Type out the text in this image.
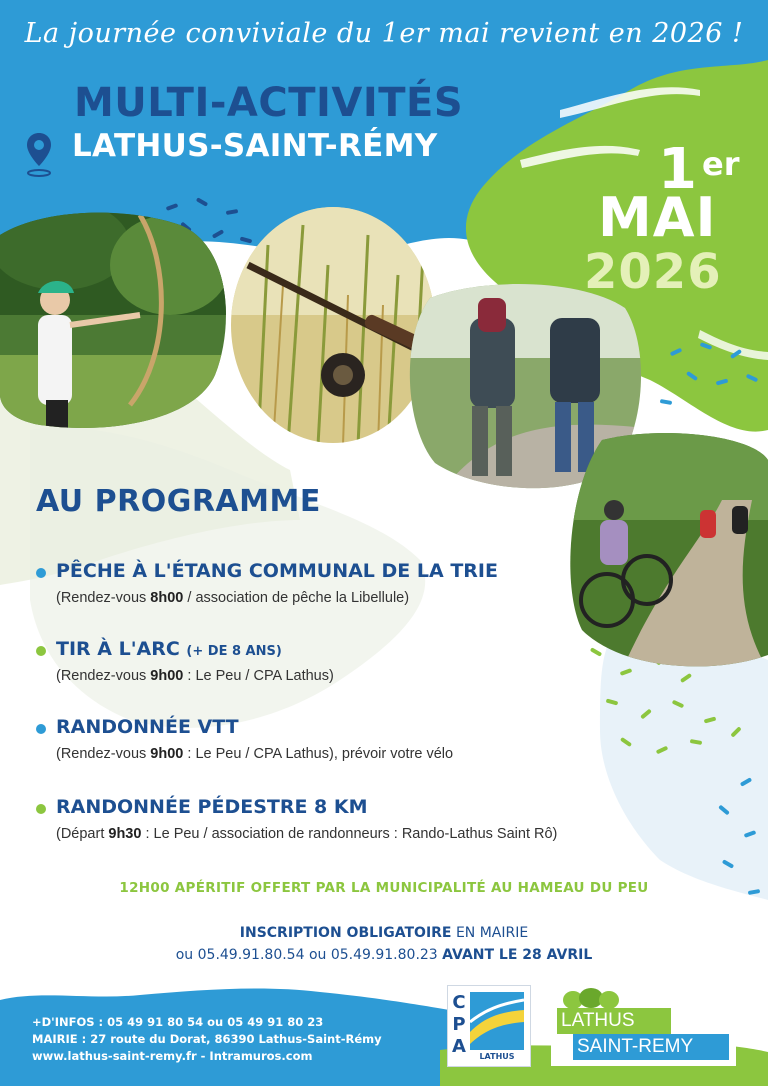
La journée conviviale du 1er mai revient en 2026 !
MULTI-ACTIVITÉS
LATHUS-SAINT-RÉMY	1 er
MAI
2026
AU PROGRAMME
PÊCHE À L'ÉTANG COMMUNAL DE LA TRIE
(Rendez-vous 8h00 / association de pêche la Libellule)
TIR À L'ARC (+ DE 8 ANS)
(Rendez-vous 9h00 : Le Peu / CPA Lathus)
RANDONNÉE VTT
(Rendez-vous 9h00 : Le Peu / CPA Lathus), prévoir votre vélo
RANDONNÉE PÉDESTRE 8 KM
(Départ 9h30 : Le Peu / association de randonneurs : Rando-Lathus Saint Rô)
12H00 APÉRITIF OFFERT PAR LA MUNICIPALITÉ AU HAMEAU DU PEU
INSCRIPTION OBLIGATOIRE EN MAIRIE
ou 05.49.91.80.54 ou 05.49.91.80.23 AVANT LE 28 AVRIL
+D'INFOS : 05 49 91 80 54 ou 05 49 91 80 23
MAIRIE : 27 route du Dorat, 86390 Lathus-Saint-Rémy
www.lathus-saint-remy.fr - Intramuros.com
C
P
A	LATHUS
LATHUS
SAINT-REMY
